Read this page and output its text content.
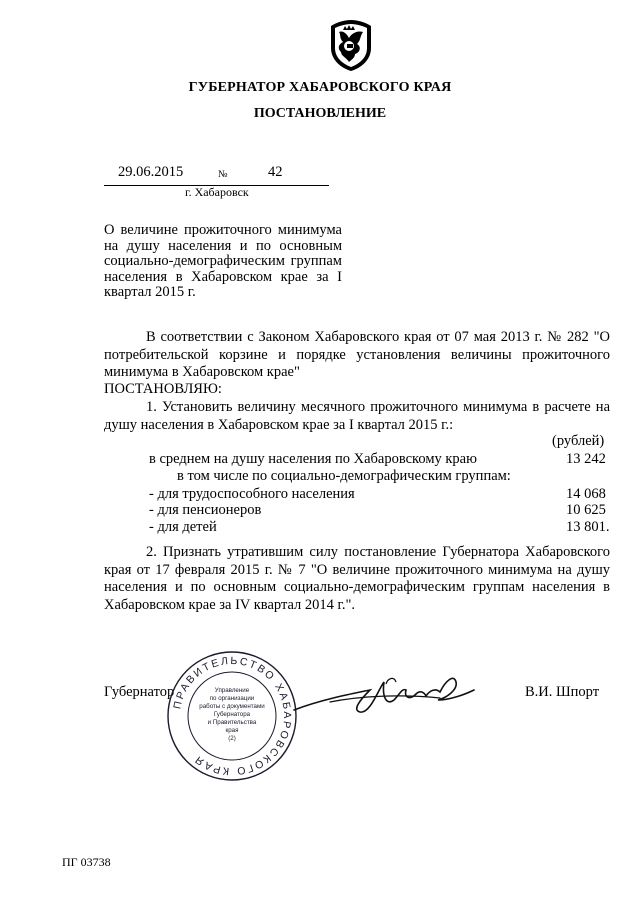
ГУБЕРНАТОР ХАБАРОВСКОГО КРАЯ
ПОСТАНОВЛЕНИЕ
29.06.2015	№	42
г. Хабаровск
О величине прожиточного минимума на душу населения и по основным социально-демографическим группам населения в Хабаровском крае за I квартал 2015 г.
В соответствии с Законом Хабаровского края от 07 мая 2013 г. № 282 "О потребительской корзине и порядке установления величины прожиточного минимума в Хабаровском крае"
ПОСТАНОВЛЯЮ:
1. Установить величину месячного прожиточного минимума в расчете на душу населения в Хабаровском крае за I квартал 2015 г.:
(рублей)
в среднем на душу населения по Хабаровскому краю	13 242
в том числе по социально-демографическим группам:
- для трудоспособного населения	14 068
- для пенсионеров	10 625
- для детей	13 801.
2. Признать утратившим силу постановление Губернатора Хабаровского края от 17 февраля 2015 г. № 7 "О величине прожиточного минимума на душу населения и по основным социально-демографическим группам населения в Хабаровском крае за IV квартал 2014 г.".
Губернатор	В.И. Шпорт
ПРАВИТЕЛЬСТВО ХАБАРОВСКОГО КРАЯ
Управление
по организации
работы с документами
Губернатора
и Правительства
края
(2)
ПГ 03738
